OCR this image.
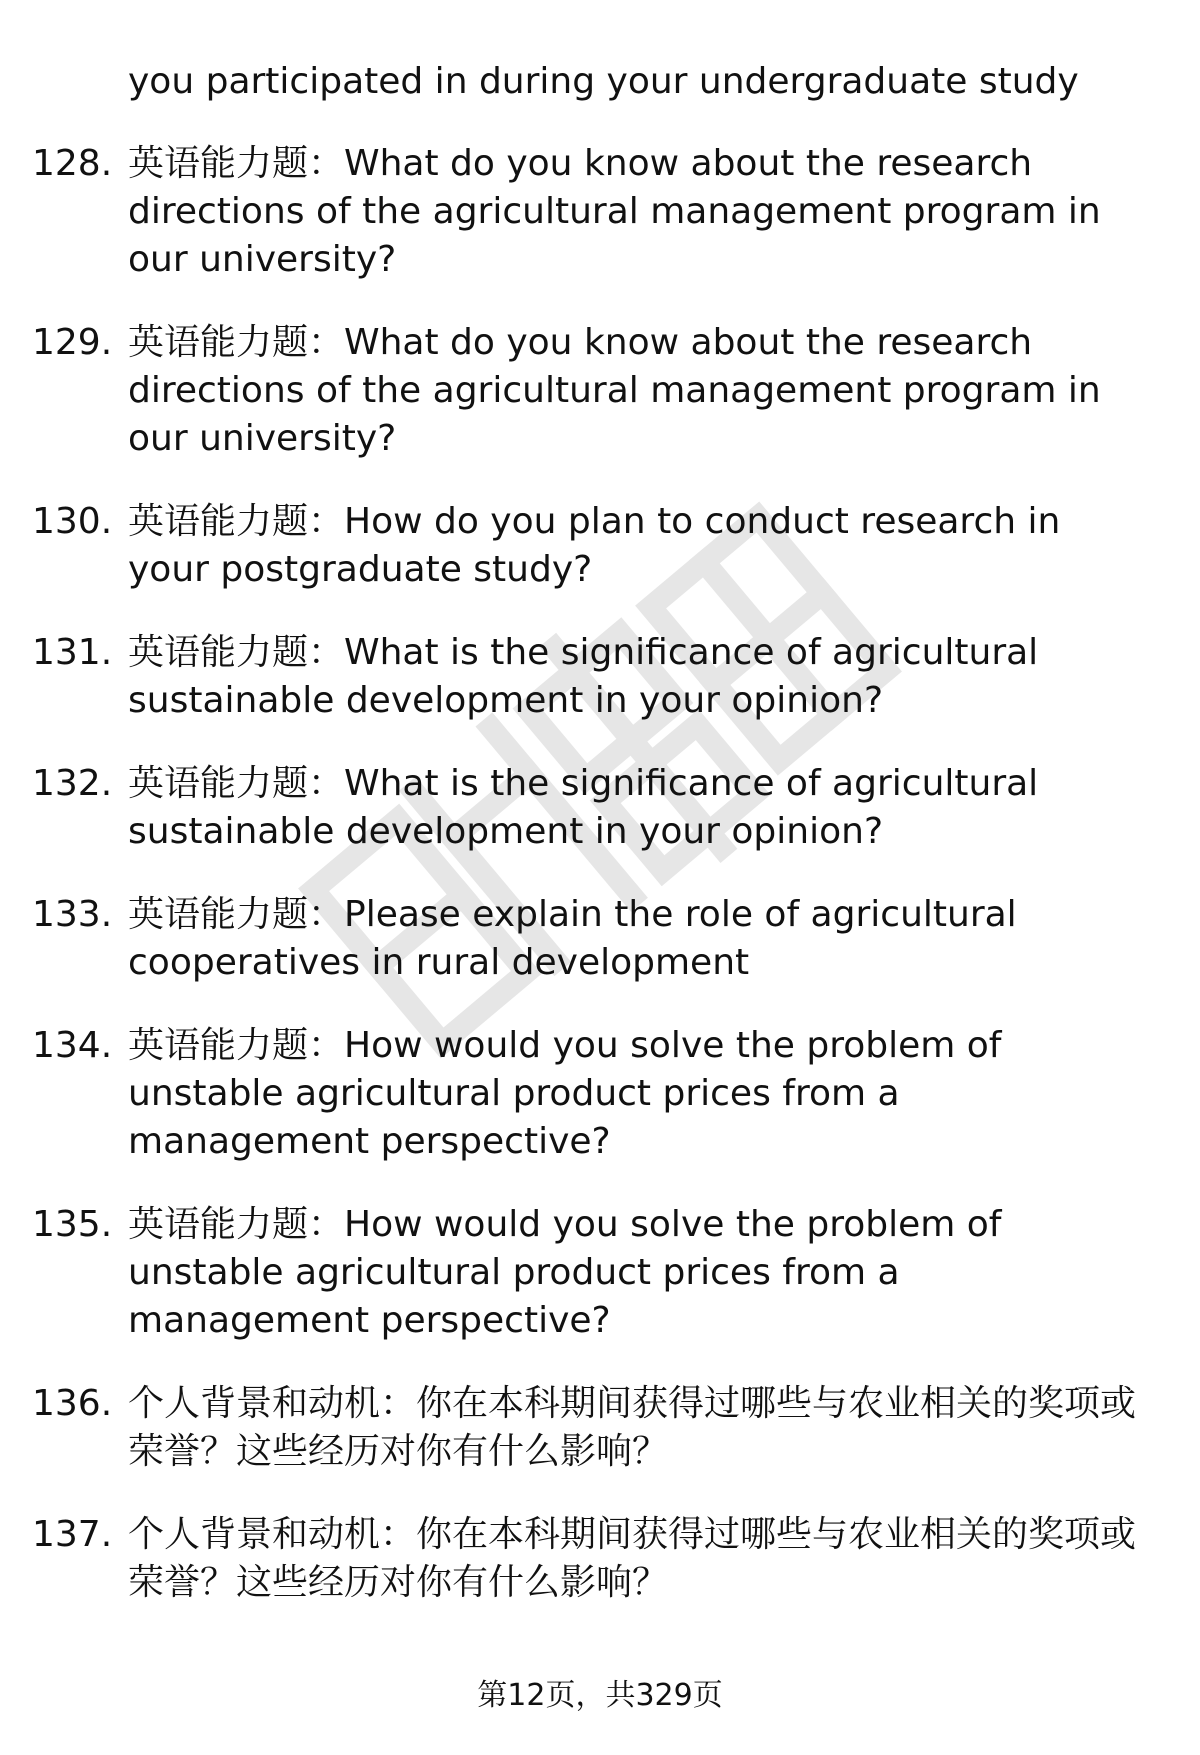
you participated in during your undergraduate study
128. 英语能力题：What do you know about the research directions of the agricultural management program in our university?
129. 英语能力题：What do you know about the research directions of the agricultural management program in our university?
130. 英语能力题：How do you plan to conduct research in your postgraduate study?
131. 英语能力题：What is the significance of agricultural sustainable development in your opinion?
132. 英语能力题：What is the significance of agricultural sustainable development in your opinion?
133. 英语能力题：Please explain the role of agricultural cooperatives in rural development
134. 英语能力题：How would you solve the problem of unstable agricultural product prices from a management perspective?
135. 英语能力题：How would you solve the problem of unstable agricultural product prices from a management perspective?
136. 个人背景和动机：你在本科期间获得过哪些与农业相关的奖项或荣誉？这些经历对你有什么影响？
137. 个人背景和动机：你在本科期间获得过哪些与农业相关的奖项或荣誉？这些经历对你有什么影响？
第12页，共329页
